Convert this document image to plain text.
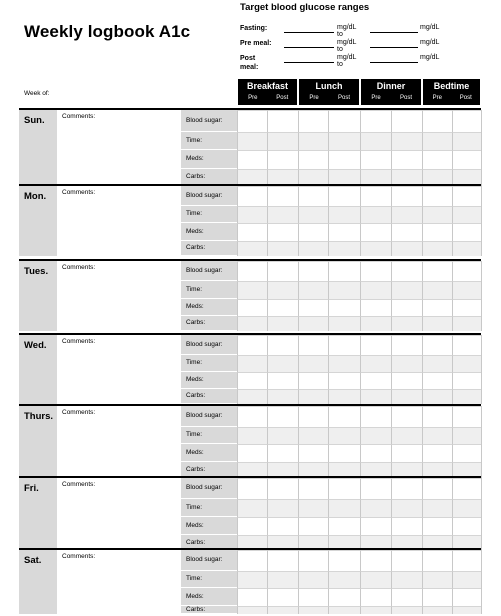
Weekly logbook A1c
Target blood glucose ranges
Fasting:	mg/dL to
mg/dL
Pre meal:	mg/dL to
mg/dL
Post meal:
mg/dL to
mg/dL
Week of:
Breakfast
Pre	Post
Lunch
Pre	Post
Dinner
Pre	Post
Bedtime
Pre	Post
Sun.	Comments:
Blood sugar:
Time:
Meds:
Carbs:
Mon. Comments:	Blood sugar:
Time:
Meds:
Carbs:
Tues. Comments:	Blood sugar:
Time:
Meds:
Carbs:
Wed. Comments:	Blood sugar:
Time:
Meds:
Carbs:
Thurs. Comments:	Blood sugar:
Time:
Meds:
Carbs:
Fri.	Comments:	Blood sugar:
Time:
Meds:
Carbs:
Sat.	Comments:	Blood sugar:
Time:
Meds:
Carbs:
